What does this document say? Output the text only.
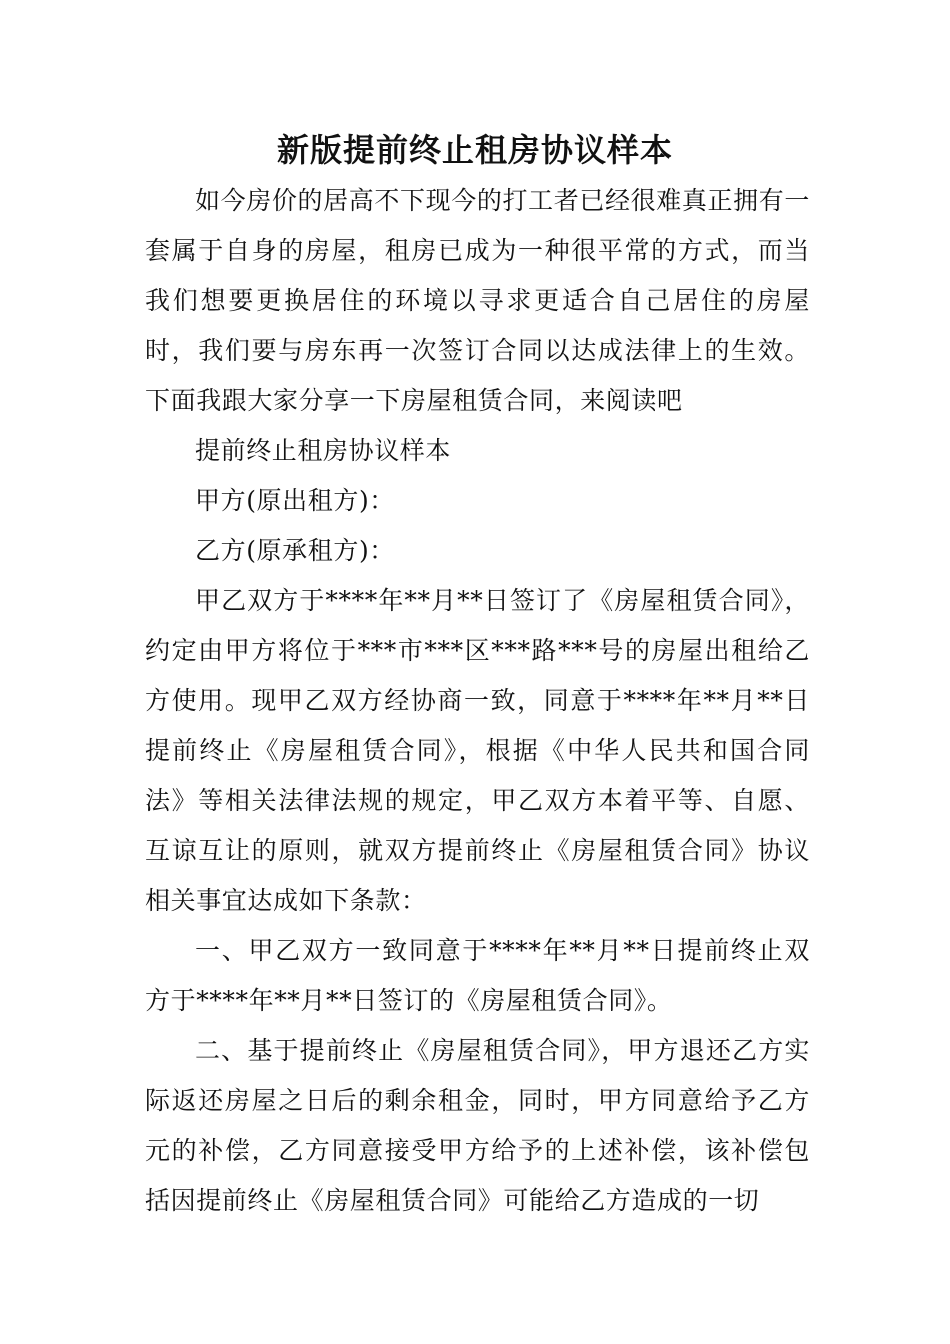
新版提前终止租房协议样本

如今房价的居高不下现今的打工者已经很难真正拥有一套属于自身的房屋，租房已成为一种很平常的方式，而当我们想要更换居住的环境以寻求更适合自己居住的房屋时，我们要与房东再一次签订合同以达成法律上的生效。下面我跟大家分享一下房屋租赁合同，来阅读吧

提前终止租房协议样本

甲方(原出租方)：

乙方(原承租方)：

甲乙双方于****年**月**日签订了《房屋租赁合同》，约定由甲方将位于***市***区***路***号的房屋出租给乙方使用。现甲乙双方经协商一致，同意于****年**月**日提前终止《房屋租赁合同》，根据《中华人民共和国合同法》等相关法律法规的规定，甲乙双方本着平等、自愿、互谅互让的原则，就双方提前终止《房屋租赁合同》协议相关事宜达成如下条款：

一、甲乙双方一致同意于****年**月**日提前终止双方于****年**月**日签订的《房屋租赁合同》。

二、基于提前终止《房屋租赁合同》，甲方退还乙方实际返还房屋之日后的剩余租金，同时，甲方同意给予乙方 元的补偿，乙方同意接受甲方给予的上述补偿，该补偿包括因提前终止《房屋租赁合同》可能给乙方造成的一切
